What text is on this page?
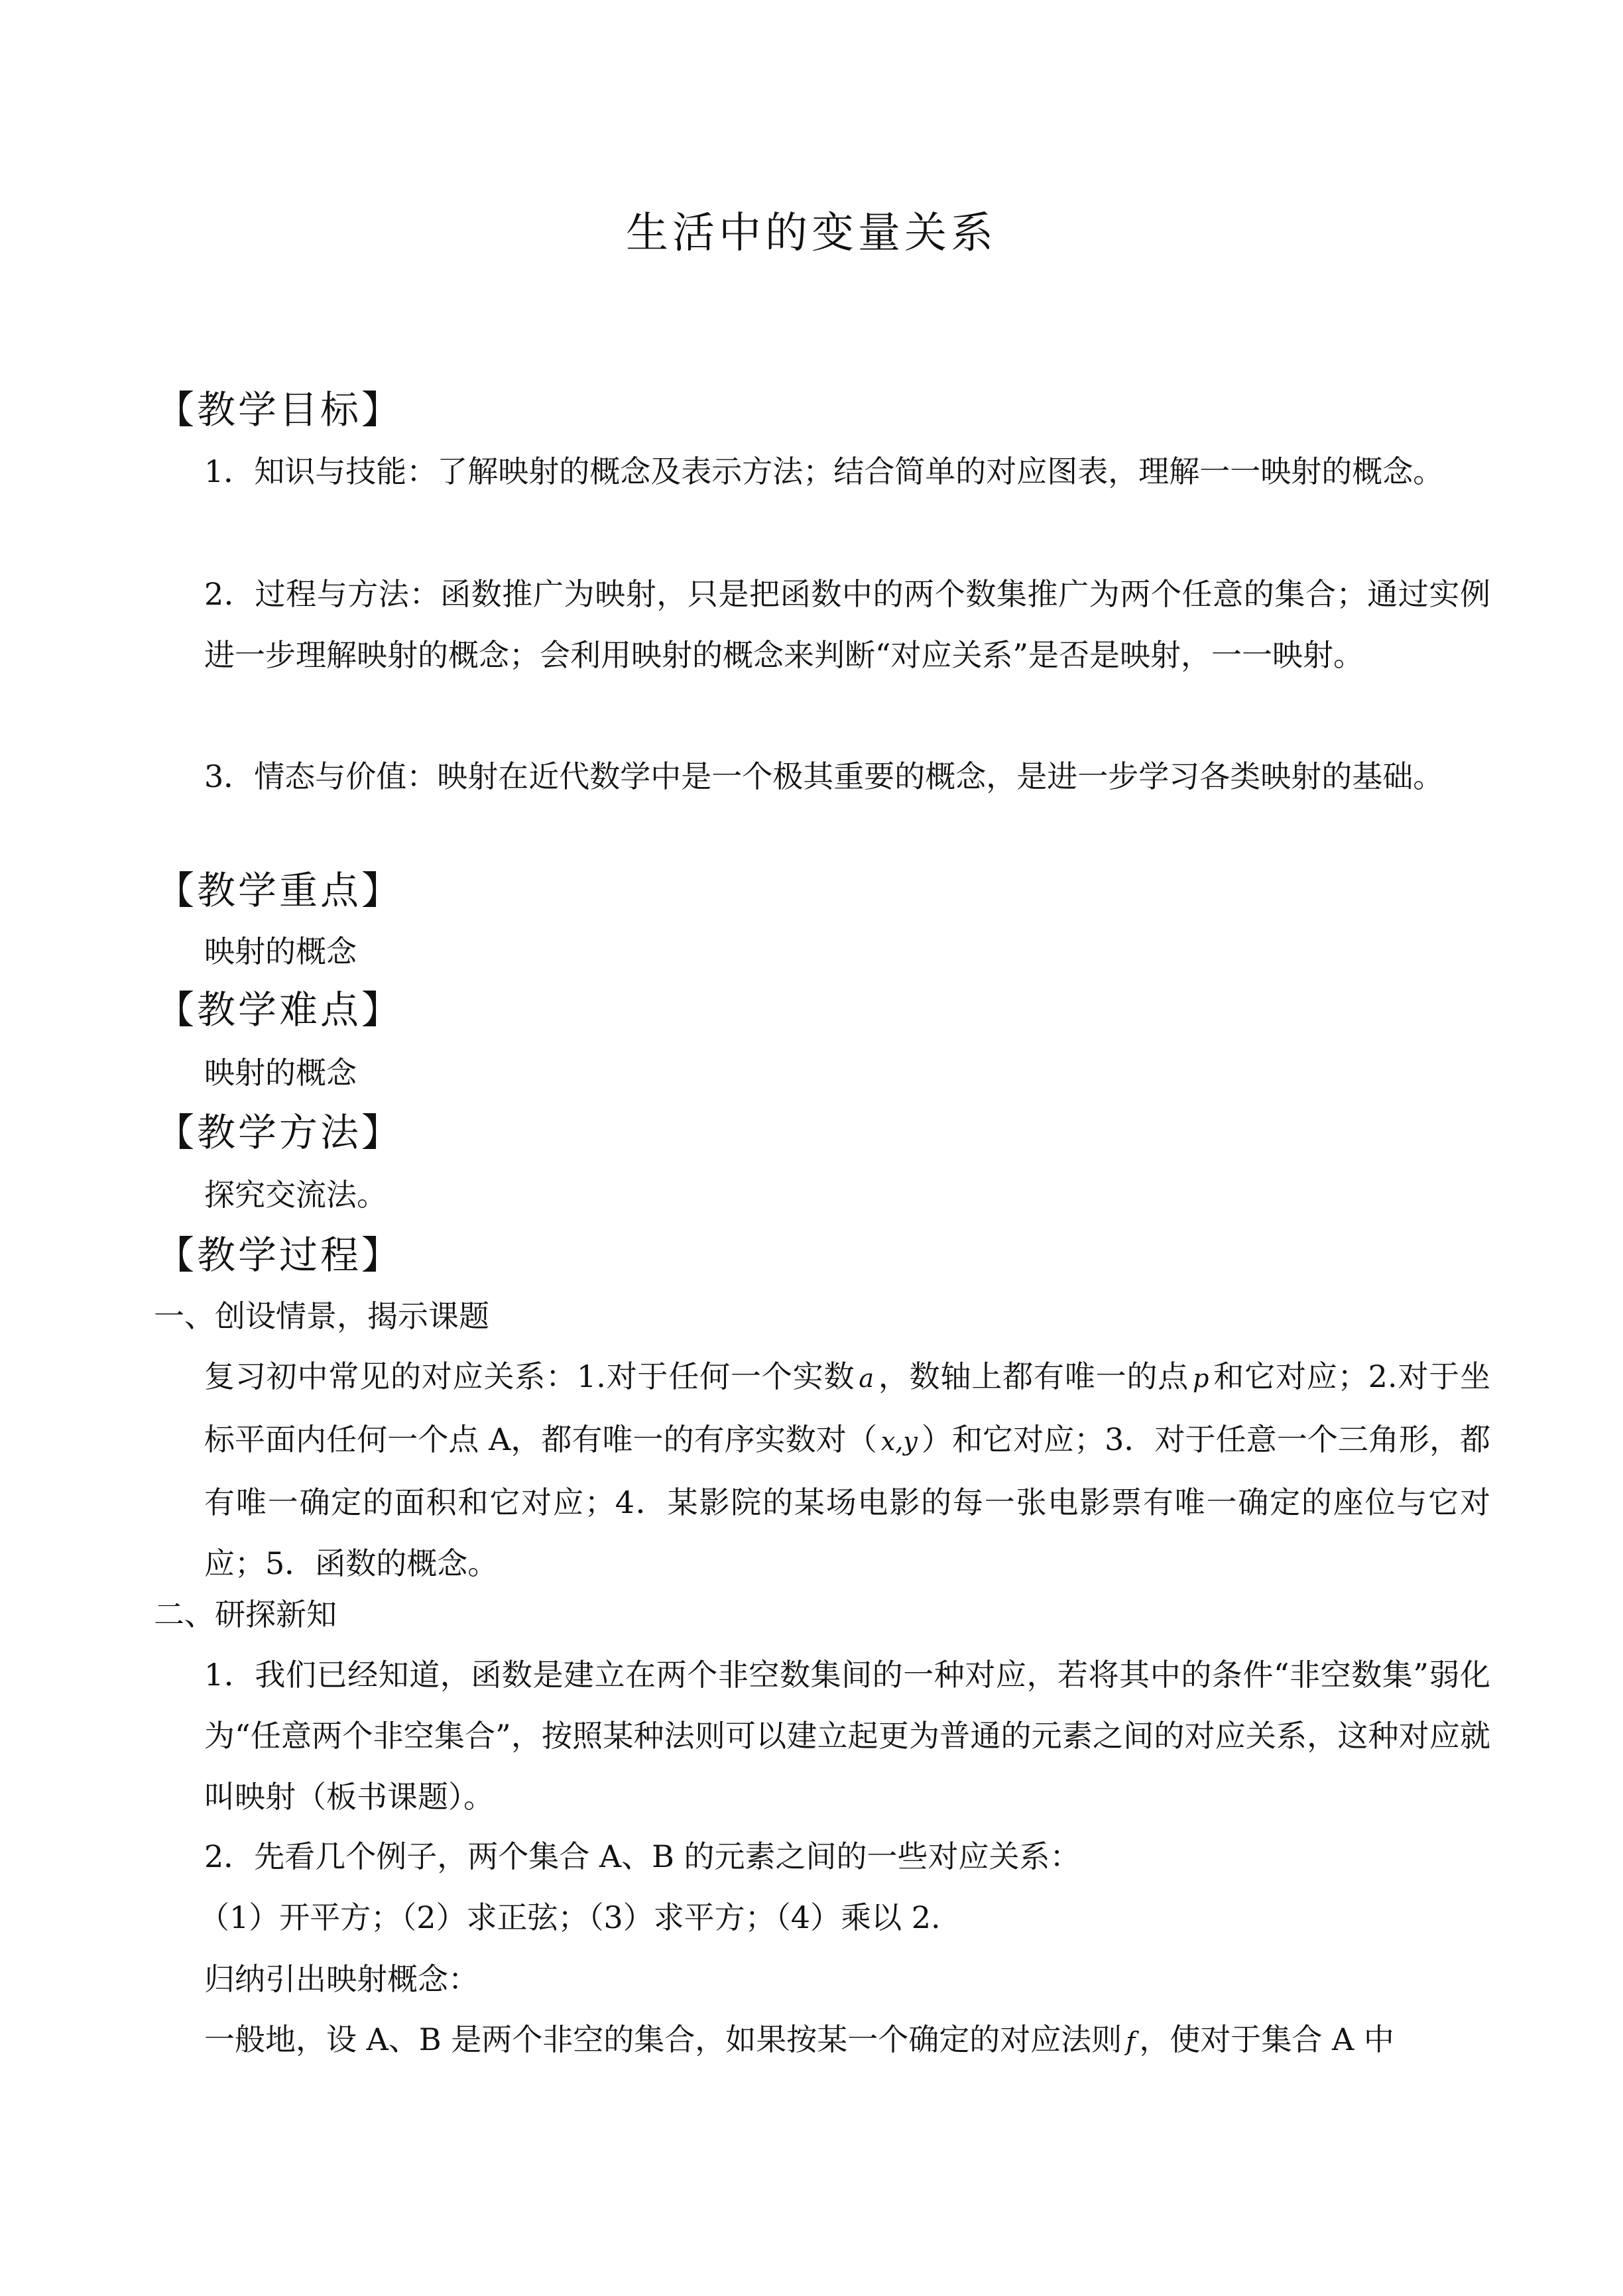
生活中的变量关系
【教学目标】
1．知识与技能：了解映射的概念及表示方法；结合简单的对应图表，理解一一映射的概念。
2．过程与方法：函数推广为映射，只是把函数中的两个数集推广为两个任意的集合；通过实例进一步理解映射的概念；会利用映射的概念来判断“对应关系”是否是映射，一一映射。
3．情态与价值：映射在近代数学中是一个极其重要的概念，是进一步学习各类映射的基础。
【教学重点】
映射的概念
【教学难点】
映射的概念
【教学方法】
探究交流法。
【教学过程】
一、创设情景，揭示课题
复习初中常见的对应关系：1.对于任何一个实数 a ，数轴上都有唯一的点 p 和它对应；2.对于坐标平面内任何一个点 A，都有唯一的有序实数对（ x,y ）和它对应；3．对于任意一个三角形，都有唯一确定的面积和它对应；4．某影院的某场电影的每一张电影票有唯一确定的座位与它对应；5．函数的概念。
二、研探新知
1．我们已经知道，函数是建立在两个非空数集间的一种对应，若将其中的条件“非空数集”弱化为“任意两个非空集合”，按照某种法则可以建立起更为普通的元素之间的对应关系，这种对应就叫映射（板书课题）。
2．先看几个例子，两个集合 A、B 的元素之间的一些对应关系：
（1）开平方；（2）求正弦；（3）求平方；（4）乘以 2.
归纳引出映射概念：
一般地，设 A、B 是两个非空的集合，如果按某一个确定的对应法则 f ，使对于集合 A 中
